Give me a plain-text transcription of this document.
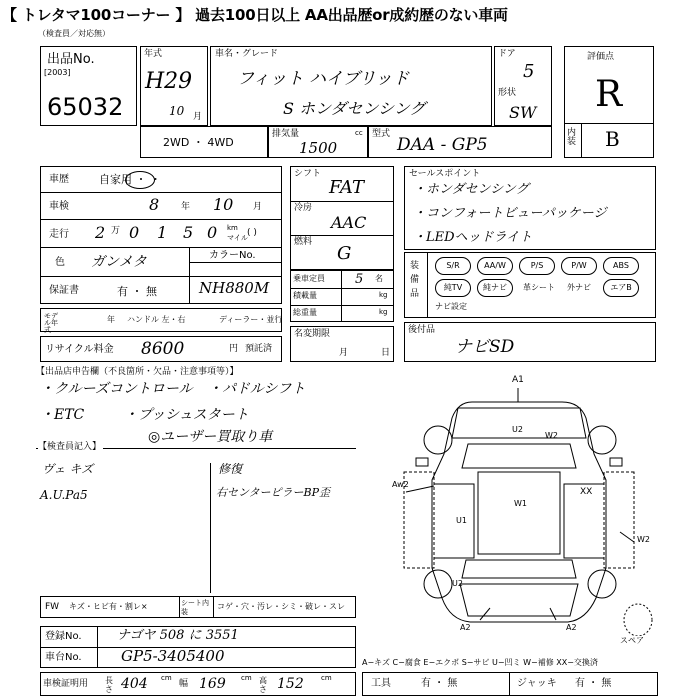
【 トレタマ100コーナー 】 過去100日以上 AA出品歴or成約歴のない車両
（検査員／対応無）
出品No.
[2003]
65032
年式
H29
10 月
車名・グレード
フィット ハイブリッド
S ホンダセンシング
ドア
5
形状
SW
評価点
R
内装 B
2WD ・ 4WD
排気量	cc
1500
型式
DAA - GP5
車歴	自家用 ・ ・
車検	8 年 10 月
走行 2 万 0 1 5 0 km
マイル ( )
色 ガンメタ	カラーNo.
NH880M
保証書	有 ・ 無
モデル年式
年 ハンドル 左・右	ディーラー・並行
リサイクル料金 8600	円 預託済
シフト
FAT
冷房
AAC
燃料
G
乗車定員 5 名
積載量	kg
総重量	kg
名変期限
月	日
セールスポイント
・ホンダセンシング
・コンフォートビューパッケージ
・LEDヘッドライト
装備品
S/R	AA/W	P/S	P/W	ABS
純TV	純ナビ	革シート 外ナビ	エアB
ナビ設定
後付品
ナビSD
【出品店申告欄（不良箇所・欠品・注意事項等）】
・クルーズコントロール ・パドルシフト
・ETC	・プッシュスタート
◎ユーザー買取り車
【検査員記入】
ヴェ キズ
A.U.Pa5
修復
右センターピラーBP歪
A1
U2
W2
Aw2
W1
U1
XX
W2
U2
A2	A2
スペア
FW キズ・ヒビ有・割レ×	シート内装
コゲ・穴・汚レ・シミ・破レ・スレ
登録No.	ナゴヤ 508 に 3551
車台No.	GP5-3405400
車検証明用 長さ 404 cm
幅 169 cm 高さ 152 cm
A−キズ C−腐食 E−エクボ S−サビ U−凹ミ W−補修 XX−交換済
工具	有 ・ 無	ジャッキ 有 ・ 無
